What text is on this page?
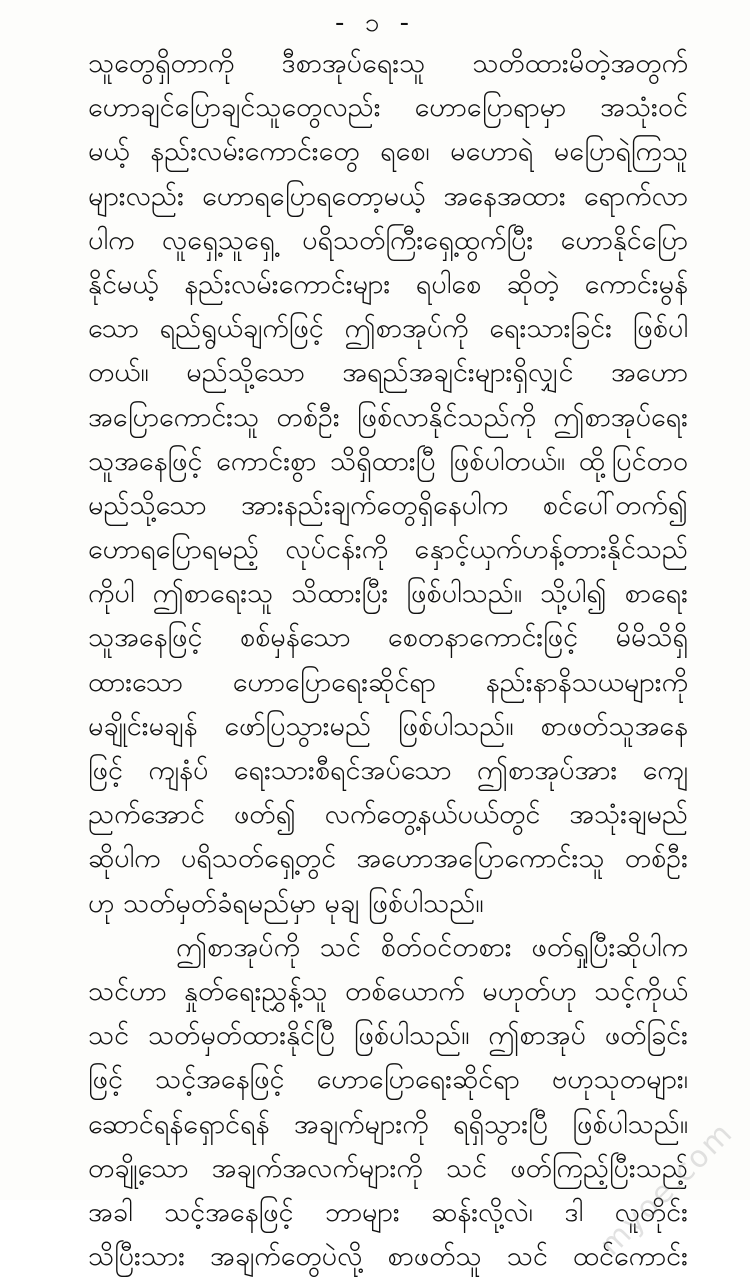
- ၁ -
သူတွေရှိတာကို ဒီစာအုပ်ရေးသူ သတိထားမိတဲ့အတွက်
ဟောချင်ပြောချင်သူတွေလည်း ဟောပြောရာမှာ အသုံးဝင်
မယ့် နည်းလမ်းကောင်းတွေ ရစေ၊ မဟောရဲ မပြောရဲကြသူ
များလည်း ဟောရပြောရတော့မယ့် အနေအထား ရောက်လာ
ပါက လူရှေ့သူရှေ့ ပရိသတ်ကြီးရှေ့ထွက်ပြီး ဟောနိုင်ပြော
နိုင်မယ့် နည်းလမ်းကောင်းများ ရပါစေ ဆိုတဲ့ ကောင်းမွန်
သော ရည်ရွယ်ချက်ဖြင့် ဤစာအုပ်ကို ရေးသားခြင်း ဖြစ်ပါ
တယ်။ မည်သို့သော အရည်အချင်းများရှိလျှင် အဟော
အပြောကောင်းသူ တစ်ဦး ဖြစ်လာနိုင်သည်ကို ဤစာအုပ်ရေး
သူအနေဖြင့် ကောင်းစွာ သိရှိထားပြီ ဖြစ်ပါတယ်။ ထို့ပြင်တဝ
မည်သို့သော အားနည်းချက်တွေရှိနေပါက စင်ပေါ်တက်၍
ဟောရပြောရမည့် လုပ်ငန်းကို နှောင့်ယှက်ဟန့်တားနိုင်သည်
ကိုပါ ဤစာရေးသူ သိထားပြီး ဖြစ်ပါသည်။ သို့ပါ၍ စာရေး
သူအနေဖြင့် စစ်မှန်သော စေတနာကောင်းဖြင့် မိမိသိရှိ
ထားသော ဟောပြောရေးဆိုင်ရာ နည်းနာနိသယများကို
မချိုင်းမချန် ဖော်ပြသွားမည် ဖြစ်ပါသည်။ စာဖတ်သူအနေ
ဖြင့် ကျနံပ် ရေးသားစီရင်အပ်သော ဤစာအုပ်အား ကျေ
ညက်အောင် ဖတ်၍ လက်တွေ့နယ်ပယ်တွင် အသုံးချမည်
ဆိုပါက ပရိသတ်ရှေ့တွင် အဟောအပြောကောင်းသူ တစ်ဦး
ဟု သတ်မှတ်ခံရမည်မှာ မုချ ဖြစ်ပါသည်။
ဤစာအုပ်ကို သင် စိတ်ဝင်တစား ဖတ်ရှုပြီးဆိုပါက
သင်ဟာ နှုတ်ရေးညွှန့်သူ တစ်ယောက် မဟုတ်ဟု သင့်ကိုယ်
သင် သတ်မှတ်ထားနိုင်ပြီ ဖြစ်ပါသည်။ ဤစာအုပ် ဖတ်ခြင်း
ဖြင့် သင့်အနေဖြင့် ဟောပြောရေးဆိုင်ရာ ဗဟုသုတများ၊
ဆောင်ရန်ရှောင်ရန် အချက်များကို ရရှိသွားပြီ ဖြစ်ပါသည်။
တချို့သော အချက်အလက်များကို သင် ဖတ်ကြည့်ပြီးသည့်
အခါ သင့်အနေဖြင့် ဘာများ ဆန်းလို့လဲ၊ ဒါ လူတိုင်း
သိပြီးသား အချက်တွေပဲလို့ စာဖတ်သူ သင် ထင်ကောင်း
myoe.com
